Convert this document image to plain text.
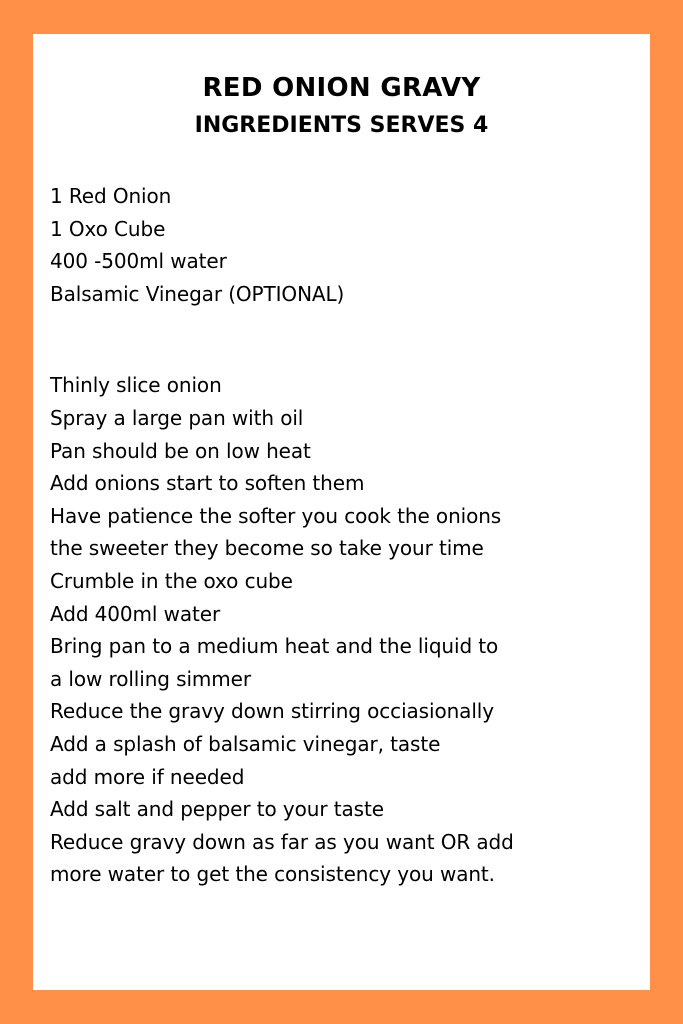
RED ONION GRAVY
INGREDIENTS SERVES 4
1 Red Onion
1 Oxo Cube
400 -500ml water
Balsamic Vinegar (OPTIONAL)
Thinly slice onion
Spray a large pan with oil
Pan should be on low heat
Add onions start to soften them
Have patience the softer you cook the onions
the sweeter they become so take your time
Crumble in the oxo cube
Add 400ml water
Bring pan to a medium heat and the liquid to
a low rolling simmer
Reduce the gravy down stirring occiasionally
Add a splash of balsamic vinegar, taste
add more if needed
Add salt and pepper to your taste
Reduce gravy down as far as you want OR add
more water to get the consistency you want.
